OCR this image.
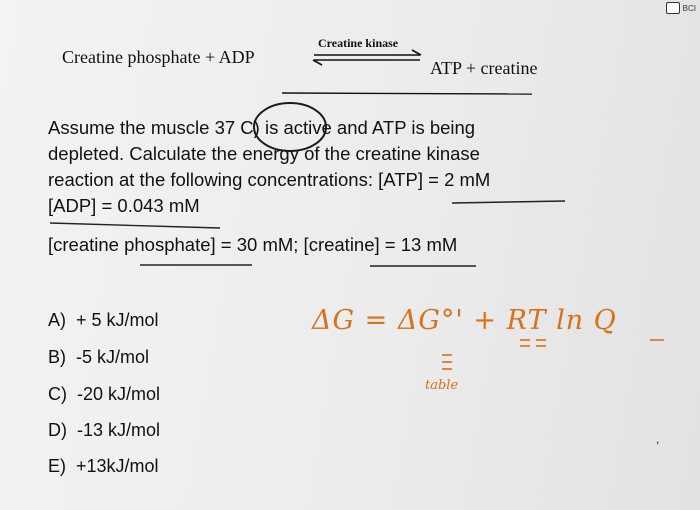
BCI
Creatine phosphate + ADP
Creatine kinase
ATP + creatine
Assume the muscle 37 C) is active and ATP is being
depleted. Calculate the energy of the creatine kinase
reaction at the following concentrations: [ATP] = 2 mM
[ADP] = 0.043 mM
[creatine phosphate] = 30 mM; [creatine] = 13 mM
A) + 5 kJ/mol
B) -5 kJ/mol
C) -20 kJ/mol
D) -13 kJ/mol
E) +13kJ/mol
ΔG = ΔG°' + RT ln Q
table
,
